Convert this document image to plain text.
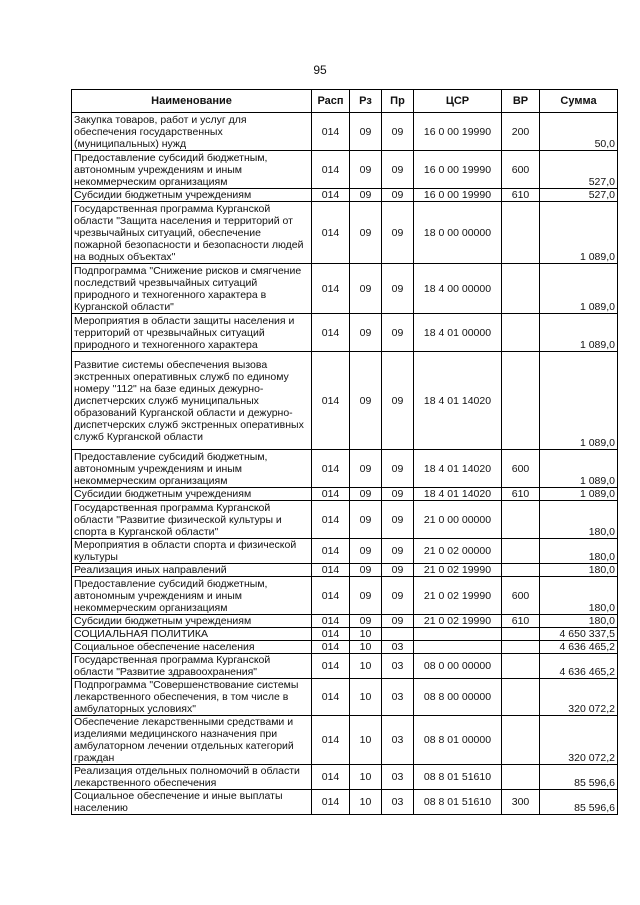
95
Наименование	Расп	Рз	Пр	ЦСР	ВР	Сумма
Закупка товаров, работ и услуг для обеспечения государственных (муниципальных) нужд	014	09	09	16 0 00 19990	200	50,0
Предоставление субсидий бюджетным, автономным учреждениям и иным некоммерческим организациям	014	09	09	16 0 00 19990	600	527,0
Субсидии бюджетным учреждениям	014	09	09	16 0 00 19990	610	527,0
Государственная программа Курганской области "Защита населения и территорий от чрезвычайных ситуаций, обеспечение пожарной безопасности и безопасности людей на водных объектах"	014	09	09	18 0 00 00000		1 089,0
Подпрограмма "Снижение рисков и смягчение последствий чрезвычайных ситуаций природного и техногенного характера в Курганской области"	014	09	09	18 4 00 00000		1 089,0
Мероприятия в области защиты населения и территорий от чрезвычайных ситуаций природного и техногенного характера	014	09	09	18 4 01 00000		1 089,0
Развитие системы обеспечения вызова экстренных оперативных служб по единому номеру "112" на базе единых дежурно-диспетчерских служб муниципальных образований Курганской области и дежурно-диспетчерских служб экстренных оперативных служб Курганской области	014	09	09	18 4 01 14020		1 089,0
Предоставление субсидий бюджетным, автономным учреждениям и иным некоммерческим организациям	014	09	09	18 4 01 14020	600	1 089,0
Субсидии бюджетным учреждениям	014	09	09	18 4 01 14020	610	1 089,0
Государственная программа Курганской области "Развитие физической культуры и спорта в Курганской области"	014	09	09	21 0 00 00000		180,0
Мероприятия в области спорта и физической культуры	014	09	09	21 0 02 00000		180,0
Реализация иных направлений	014	09	09	21 0 02 19990		180,0
Предоставление субсидий бюджетным, автономным учреждениям и иным некоммерческим организациям	014	09	09	21 0 02 19990	600	180,0
Субсидии бюджетным учреждениям	014	09	09	21 0 02 19990	610	180,0
СОЦИАЛЬНАЯ ПОЛИТИКА	014	10				4 650 337,5
Социальное обеспечение населения	014	10	03			4 636 465,2
Государственная программа Курганской области "Развитие здравоохранения"	014	10	03	08 0 00 00000		4 636 465,2
Подпрограмма "Совершенствование системы лекарственного обеспечения, в том числе в амбулаторных условиях"	014	10	03	08 8 00 00000		320 072,2
Обеспечение лекарственными средствами и изделиями медицинского назначения при амбулаторном лечении отдельных категорий граждан	014	10	03	08 8 01 00000		320 072,2
Реализация отдельных полномочий в области лекарственного обеспечения	014	10	03	08 8 01 51610		85 596,6
Социальное обеспечение и иные выплаты населению	014	10	03	08 8 01 51610	300	85 596,6
